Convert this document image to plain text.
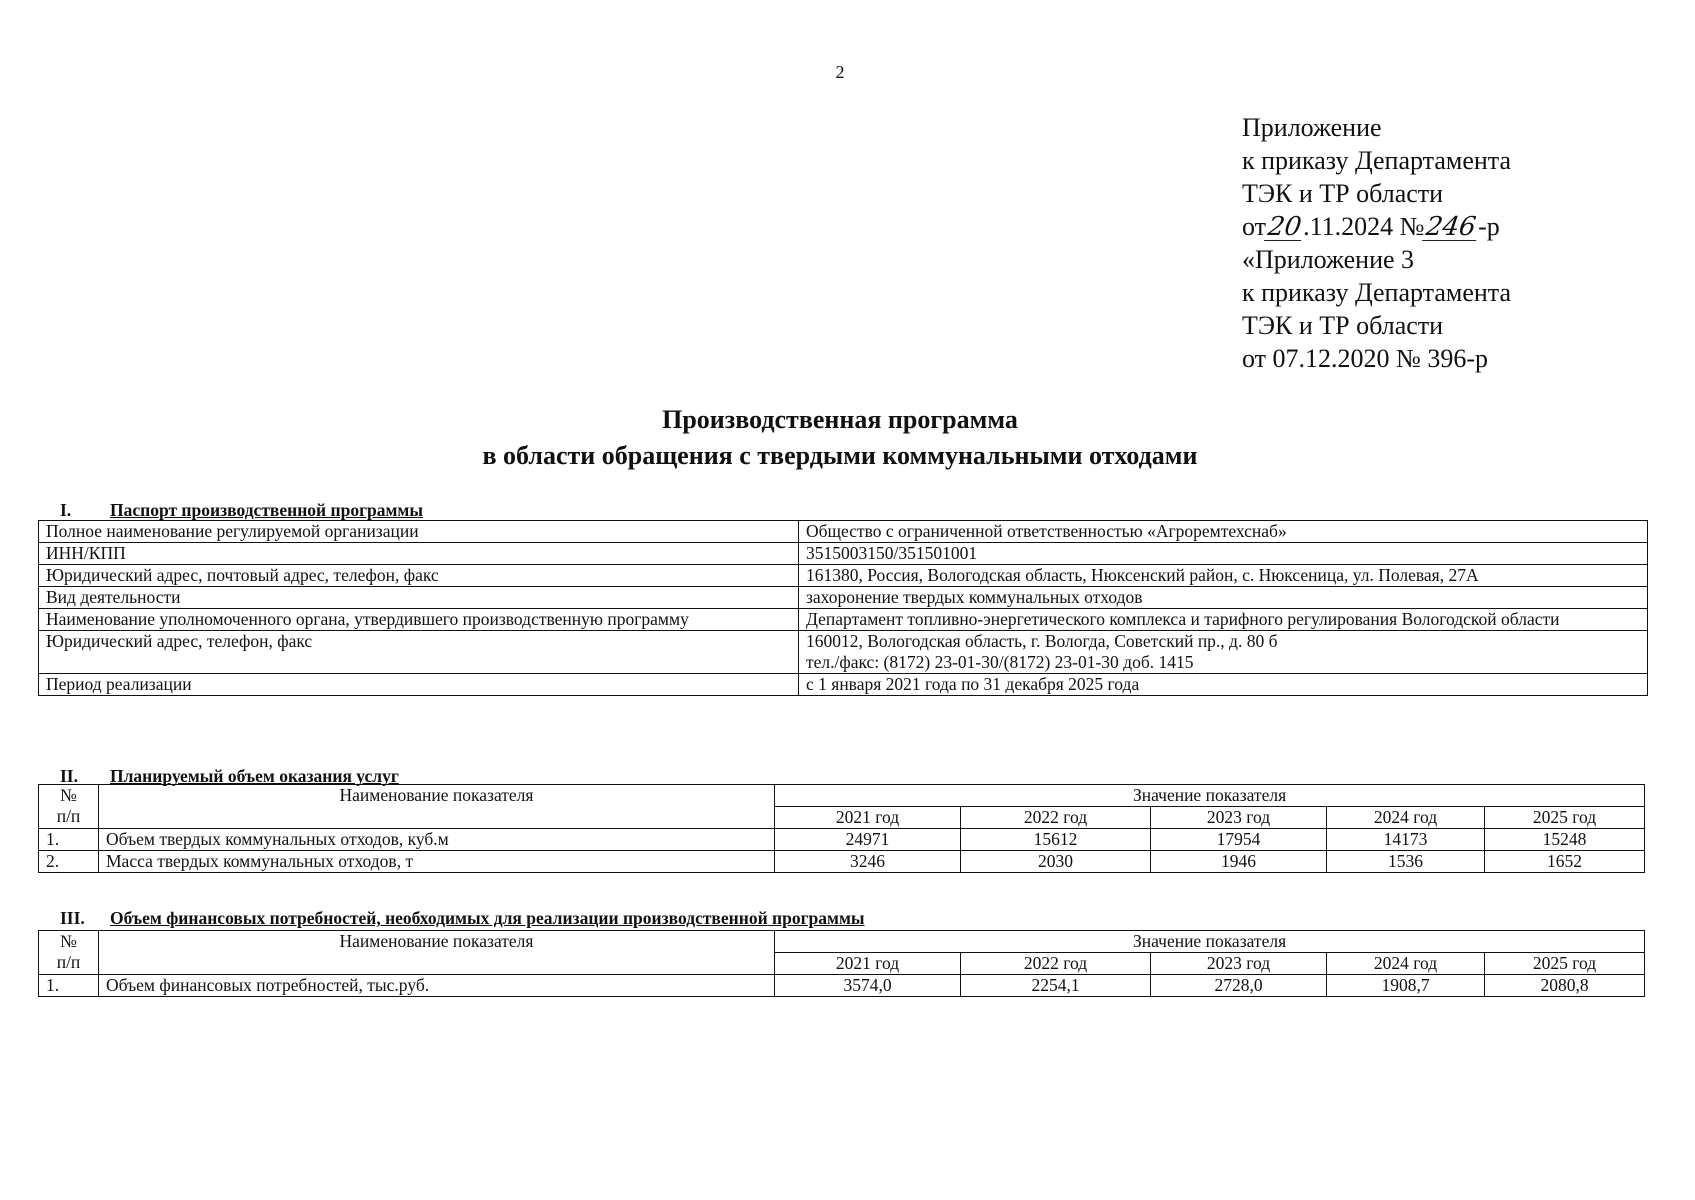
2
Приложение
к приказу Департамента
ТЭК и ТР области
от20.11.2024 №246-р
«Приложение 3
к приказу Департамента
ТЭК и ТР области
от 07.12.2020 № 396-р
Производственная программа
в области обращения с твердыми коммунальными отходами
I. Паспорт производственной программы
Полное наименование регулируемой организации	Общество с ограниченной ответственностью «Агроремтехснаб»
ИНН/КПП	3515003150/351501001
Юридический адрес, почтовый адрес, телефон, факс	161380, Россия, Вологодская область, Нюксенский район, с. Нюксеница, ул. Полевая, 27А
Вид деятельности	захоронение твердых коммунальных отходов
Наименование уполномоченного органа, утвердившего производственную программу	Департамент топливно-энергетического комплекса и тарифного регулирования Вологодской области
Юридический адрес, телефон, факс	160012, Вологодская область, г. Вологда, Советский пр., д. 80 б
тел./факс: (8172) 23-01-30/(8172) 23-01-30 доб. 1415

Период реализации	с 1 января 2021 года по 31 декабря 2025 года
II. Планируемый объем оказания услуг
№
п/п	Наименование показателя	Значение показателя				
		2021 год	2022 год	2023 год	2024 год	2025 год
1.	Объем твердых коммунальных отходов, куб.м	24971	15612	17954	14173	15248
2.	Масса твердых коммунальных отходов, т	3246	2030	1946	1536	1652
III. Объем финансовых потребностей, необходимых для реализации производственной программы
№
п/п	Наименование показателя	Значение показателя				
		2021 год	2022 год	2023 год	2024 год	2025 год
1.	Объем финансовых потребностей, тыс.руб.	3574,0	2254,1	2728,0	1908,7	2080,8
